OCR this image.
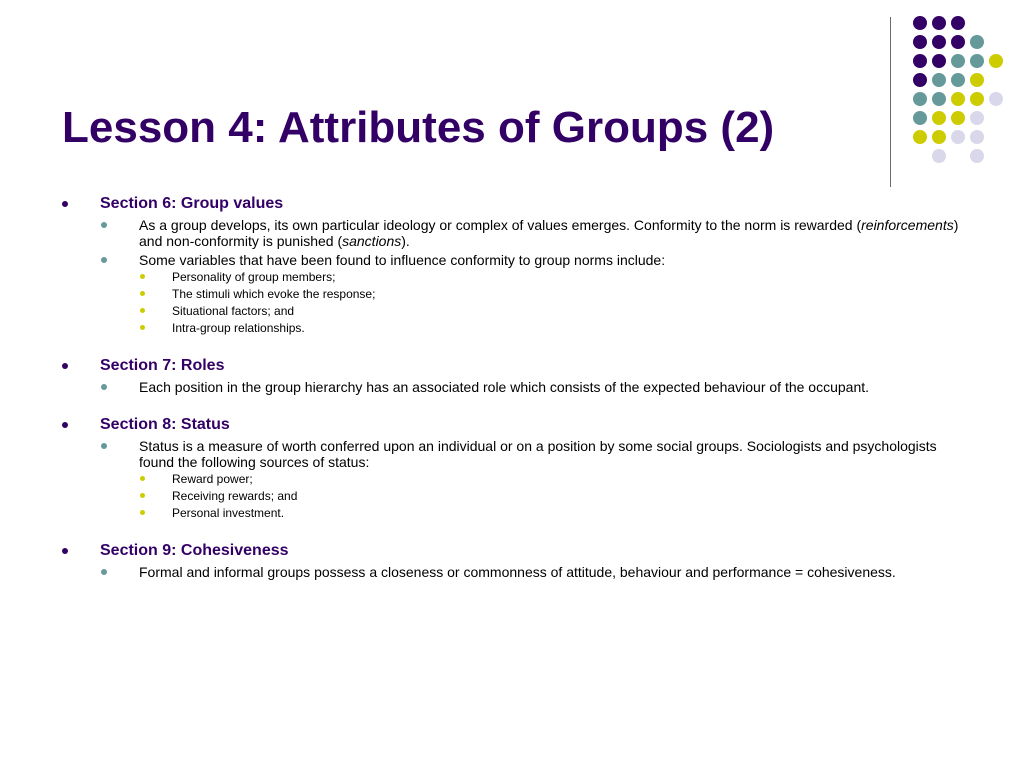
Lesson 4: Attributes of Groups (2)
Section 6: Group values
As a group develops, its own particular ideology or complex of values emerges. Conformity to the norm is rewarded (reinforcements) and non-conformity is punished (sanctions).
Some variables that have been found to influence conformity to group norms include:
Personality of group members;
The stimuli which evoke the response;
Situational factors; and
Intra-group relationships.
Section 7: Roles
Each position in the group hierarchy has an associated role which consists of the expected behaviour of the occupant.
Section 8: Status
Status is a measure of worth conferred upon an individual or on a position by some social groups. Sociologists and psychologists found the following sources of status:
Reward power;
Receiving rewards; and
Personal investment.
Section 9: Cohesiveness
Formal and informal groups possess a closeness or commonness of attitude, behaviour and performance = cohesiveness.
